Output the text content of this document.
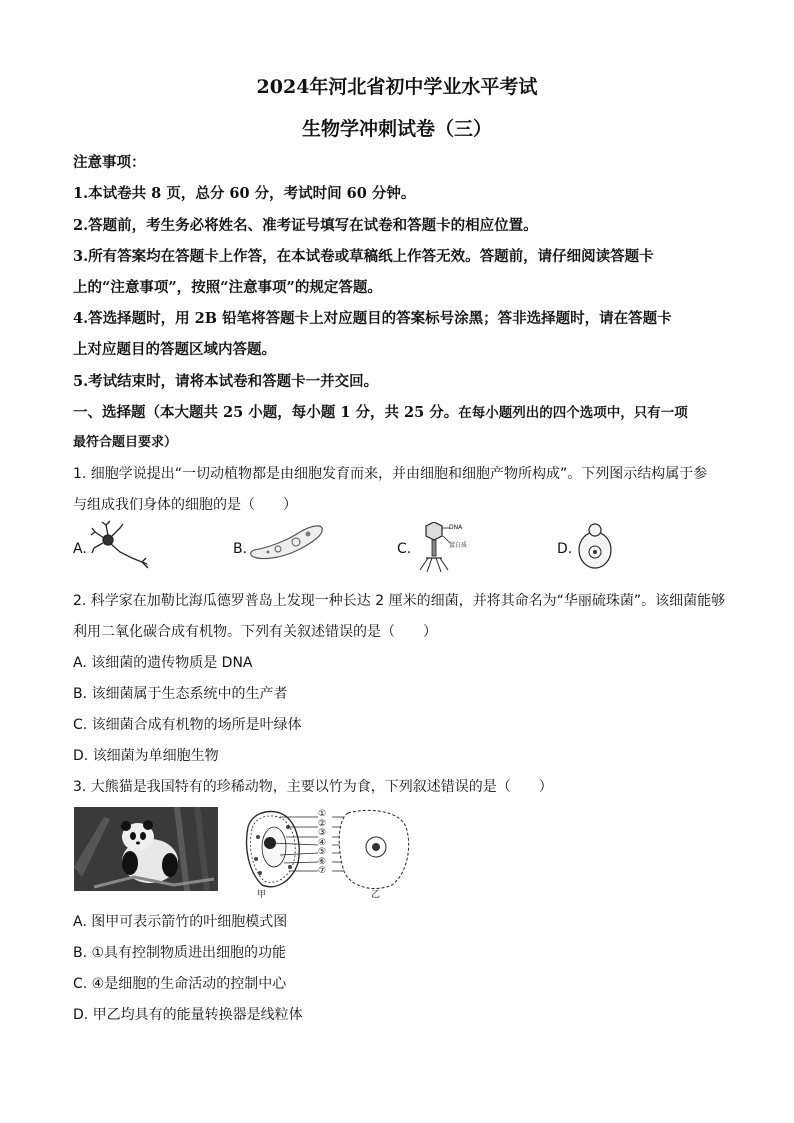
2024年河北省初中学业水平考试
生物学冲刺试卷（三）
注意事项：
1.本试卷共 8 页，总分 60 分，考试时间 60 分钟。
2.答题前，考生务必将姓名、准考证号填写在试卷和答题卡的相应位置。
3.所有答案均在答题卡上作答，在本试卷或草稿纸上作答无效。答题前，请仔细阅读答题卡
上的“注意事项”，按照“注意事项”的规定答题。
4.答选择题时，用 2B 铅笔将答题卡上对应题目的答案标号涂黑；答非选择题时，请在答题卡
上对应题目的答题区域内答题。
5.考试结束时，请将本试卷和答题卡一并交回。
一、选择题（本大题共 25 小题，每小题 1 分，共 25 分。在每小题列出的四个选项中，只有一项
最符合题目要求）
1. 细胞学说提出“一切动植物都是由细胞发育而来，并由细胞和细胞产物所构成”。下列图示结构属于参
与组成我们身体的细胞的是（　　）
A.	B.	C.
DNA
蛋白质	D.
2. 科学家在加勒比海瓜德罗普岛上发现一种长达 2 厘米的细菌，并将其命名为“华丽硫珠菌”。该细菌能够
利用二氧化碳合成有机物。下列有关叙述错误的是（　　）
A. 该细菌的遗传物质是 DNA
B. 该细菌属于生态系统中的生产者
C. 该细菌合成有机物的场所是叶绿体
D. 该细菌为单细胞生物
3. 大熊猫是我国特有的珍稀动物，主要以竹为食，下列叙述错误的是（　　）
①
②
③
④
⑤
⑥
⑦
甲	乙
A. 图甲可表示箭竹的叶细胞模式图
B. ①具有控制物质进出细胞的功能
C. ④是细胞的生命活动的控制中心
D. 甲乙均具有的能量转换器是线粒体
